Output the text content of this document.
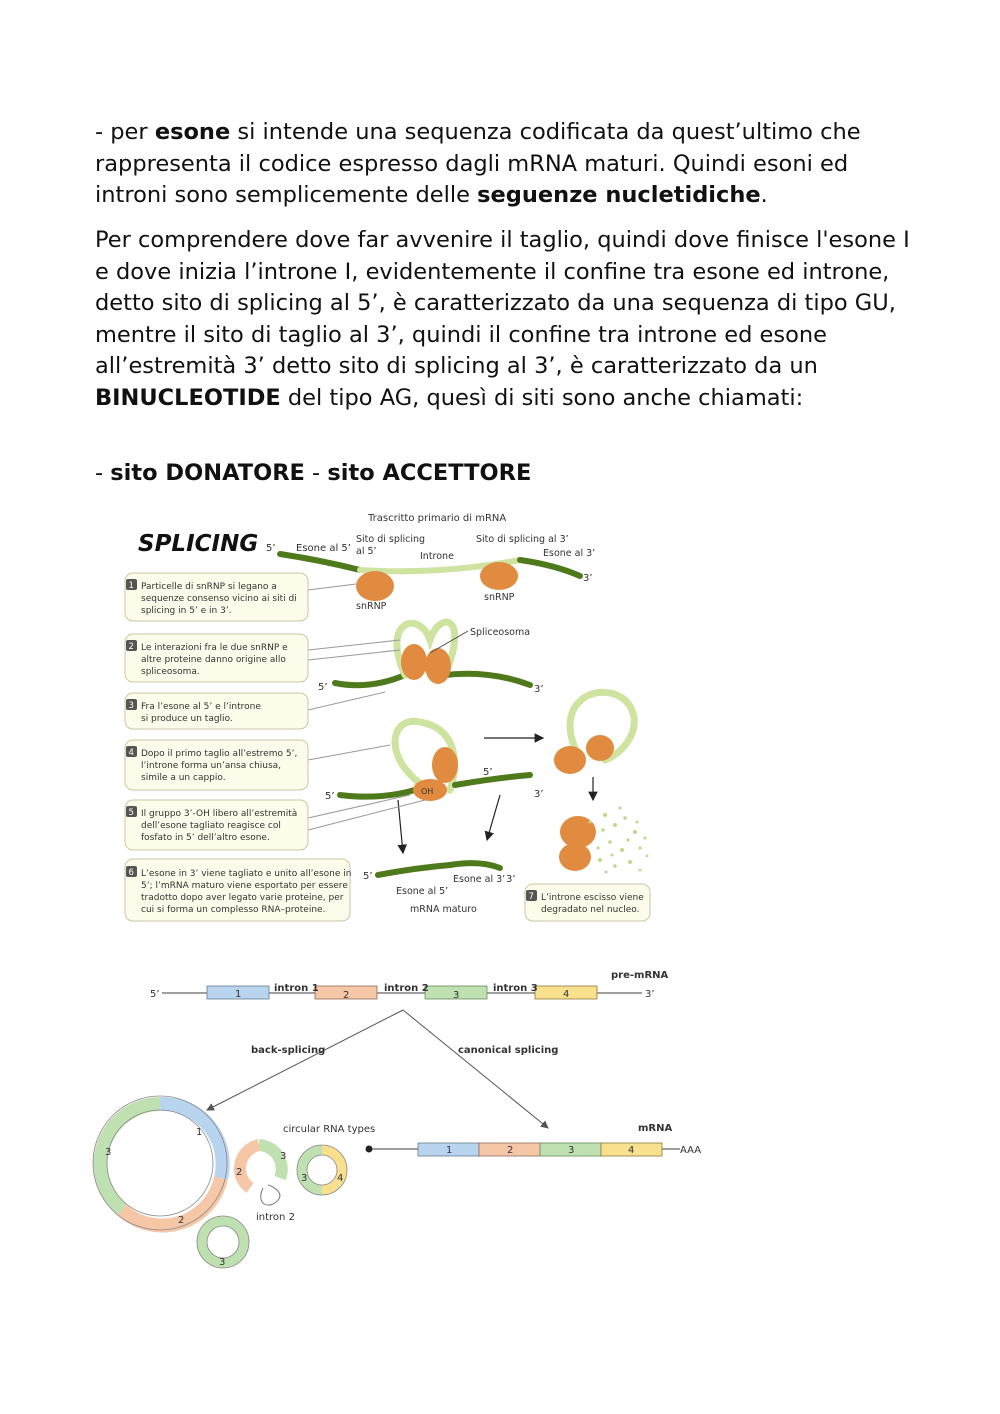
- per esone si intende una sequenza codificata da quest’ultimo che rappresenta il codice espresso dagli mRNA maturi. Quindi esoni ed introni sono semplicemente delle seguenze nucletidiche.
Per comprendere dove far avvenire il taglio, quindi dove finisce l'esone I e dove inizia l’introne I, evidentemente il confine tra esone ed introne, detto sito di splicing al 5’, è caratterizzato da una sequenza di tipo GU, mentre il sito di taglio al 3’, quindi il confine tra introne ed esone all’estremità 3’ detto sito di splicing al 3’, è caratterizzato da un BINUCLEOTIDE del tipo AG, quesì di siti sono anche chiamati:
- sito DONATORE - sito ACCETTORE
SPLICING
Trascritto primario di mRNA
5’ Esone al 5’
Sito di splicing
al 5’	Introne
Sito di splicing al 3’
Esone al 3’
3’
snRNP
snRNP
Spliceosoma
5’	3’
OH
5’
5’
3’
5’	3’
Esone al 5’
Esone al 3’
mRNA maturo
1 Particelle di snRNP si legano a
sequenze consenso vicino ai siti di
splicing in 5’ e in 3’.
2 Le interazioni fra le due snRNP e
altre proteine danno origine allo
spliceosoma.
3 Fra l’esone al 5’ e l’introne
si produce un taglio.
4 Dopo il primo taglio all’estremo 5’,
l’introne forma un’ansa chiusa,
simile a un cappio.
5 Il gruppo 3’-OH libero all’estremità
dell’esone tagliato reagisce col
fosfato in 5’ dell’altro esone.
6 L’esone in 3’ viene tagliato e unito all’esone in
5’; l’mRNA maturo viene esportato per essere
tradotto dopo aver legato varie proteine, per
cui si forma un complesso RNA–proteine.
7 L’introne escisso viene
degradato nel nucleo.
pre-mRNA
5’	3’
1	2	3	4
intron 1	intron 2	intron 3
back-splicing	canonical splicing
1
2
3
circular RNA types
2
3
intron 2
3	4
3
mRNA
1	2	3	4	AAA
